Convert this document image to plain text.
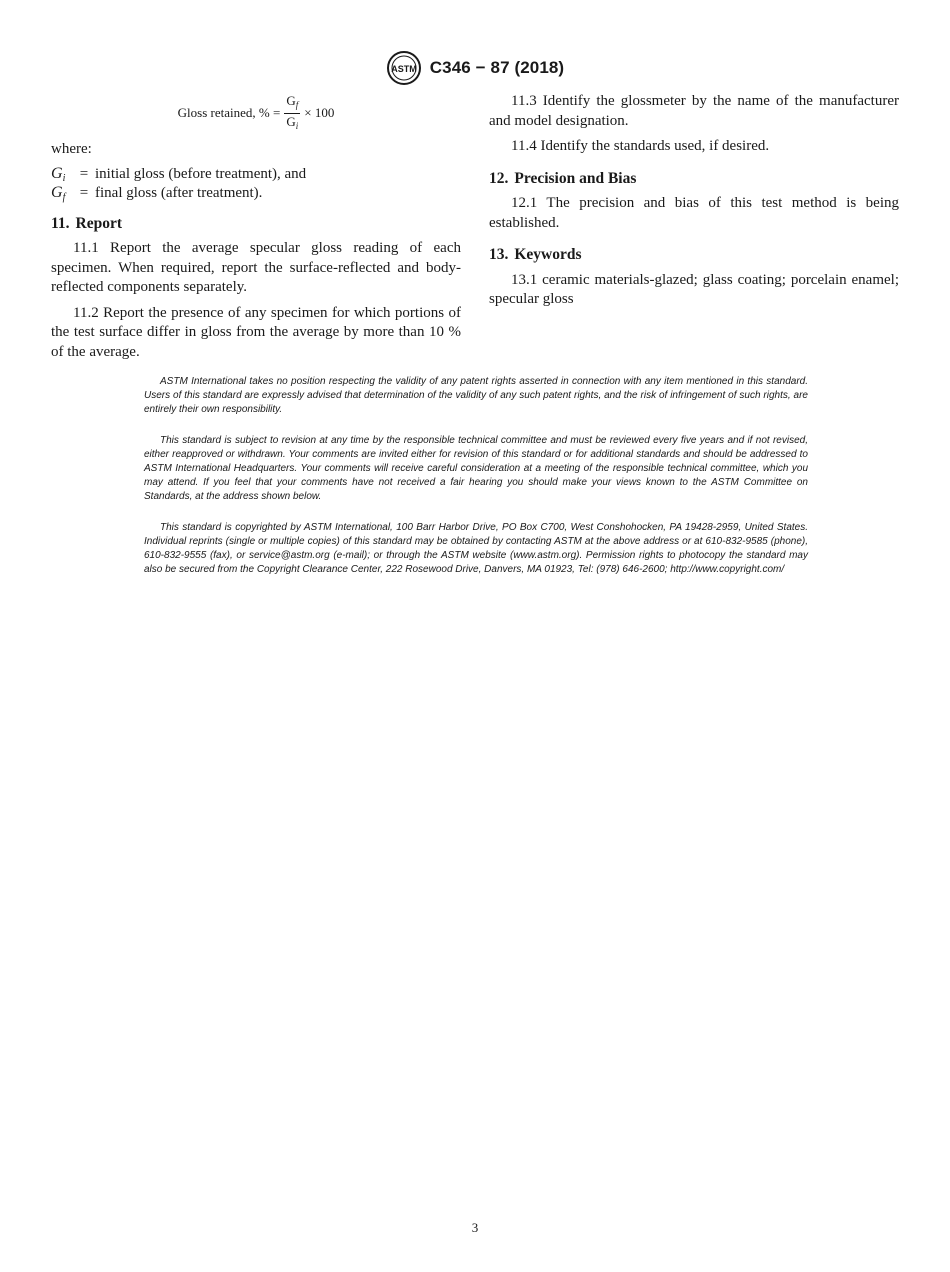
ASTM C346 − 87 (2018)
Gloss retained, % = $\frac{G_f}{G_i} \times 100$
where:
$G_i$ = initial gloss (before treatment), and
$G_f$ = final gloss (after treatment).
11. Report

11.1 Report the average specular gloss reading of each specimen. When required, report the surface-reflected and body-reflected components separately.

11.2 Report the presence of any specimen for which portions of the test surface differ in gloss from the average by more than 10 % of the average.

11.3 Identify the glossmeter by the name of the manufacturer and model designation.

11.4 Identify the standards used, if desired.

12. Precision and Bias

12.1 The precision and bias of this test method is being established.

13. Keywords

13.1 ceramic materials-glazed; glass coating; porcelain enamel; specular gloss

ASTM International takes no position respecting the validity of any patent rights asserted in connection with any item mentioned in this standard. Users of this standard are expressly advised that determination of the validity of any such patent rights, and the risk of infringement of such rights, are entirely their own responsibility.

This standard is subject to revision at any time by the responsible technical committee and must be reviewed every five years and if not revised, either reapproved or withdrawn. Your comments are invited either for revision of this standard or for additional standards and should be addressed to ASTM International Headquarters. Your comments will receive careful consideration at a meeting of the responsible technical committee, which you may attend. If you feel that your comments have not received a fair hearing you should make your views known to the ASTM Committee on Standards, at the address shown below.

This standard is copyrighted by ASTM International, 100 Barr Harbor Drive, PO Box C700, West Conshohocken, PA 19428-2959, United States. Individual reprints (single or multiple copies) of this standard may be obtained by contacting ASTM at the above address or at 610-832-9585 (phone), 610-832-9555 (fax), or service@astm.org (e-mail); or through the ASTM website (www.astm.org). Permission rights to photocopy the standard may also be secured from the Copyright Clearance Center, 222 Rosewood Drive, Danvers, MA 01923, Tel: (978) 646-2600; http://www.copyright.com/

3
